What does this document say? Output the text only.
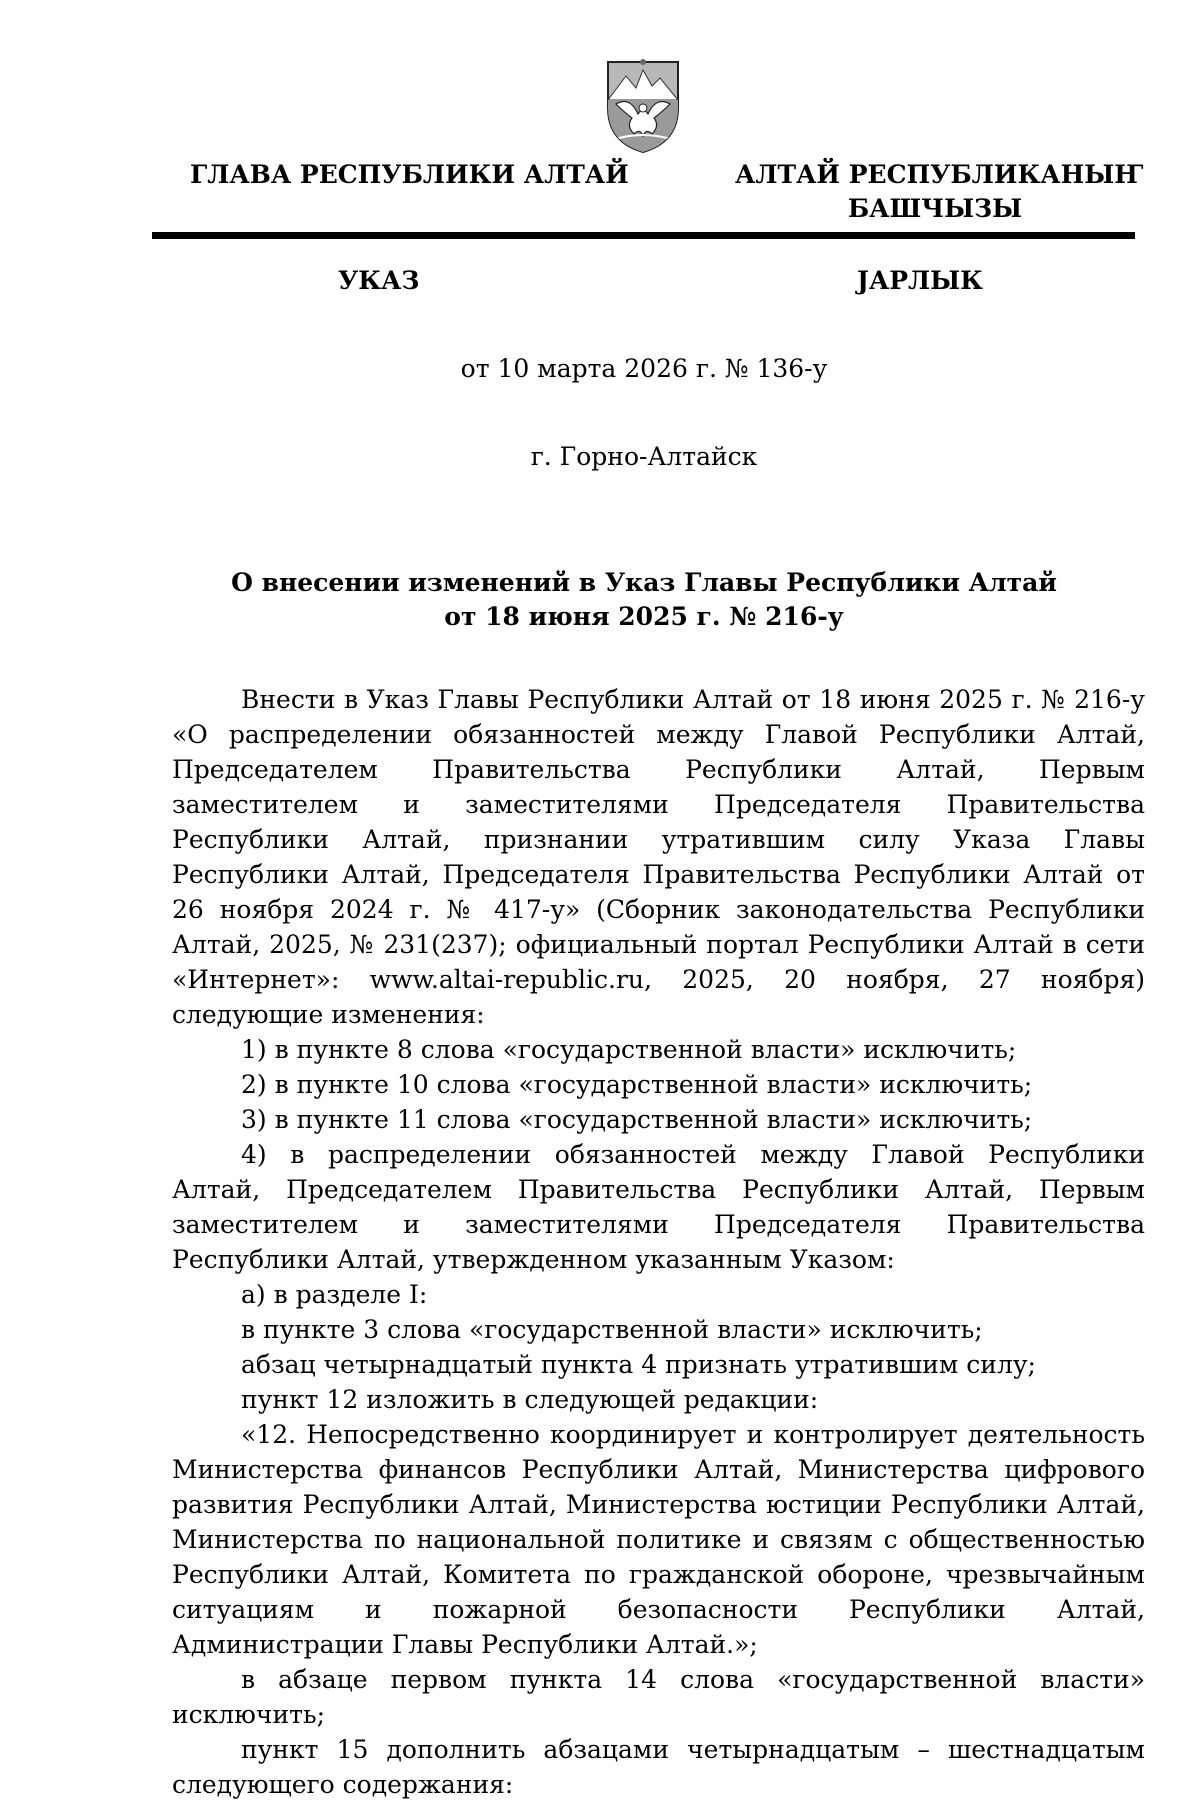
ГЛАВА РЕСПУБЛИКИ АЛТАЙ	АЛТАЙ РЕСПУБЛИКАНЫҤ
БАШЧЫЗЫ
УКАЗ	ЈАРЛЫК
от 10 марта 2026 г. № 136-у
г. Горно-Алтайск
О внесении изменений в Указ Главы Республики Алтай
от 18 июня 2025 г. № 216-у

Внести в Указ Главы Республики Алтай от 18 июня 2025 г. № 216-у «О распределении обязанностей между Главой Республики Алтай, Председателем Правительства Республики Алтай, Первым заместителем и заместителями Председателя Правительства Республики Алтай, признании утратившим силу Указа Главы Республики Алтай, Председателя Правительства Республики Алтай от 26 ноября 2024 г. № 417-у» (Сборник законодательства Республики Алтай, 2025, № 231(237); официальный портал Республики Алтай в сети «Интернет»: www.altai-republic.ru, 2025, 20 ноября, 27 ноября) следующие изменения:

1) в пункте 8 слова «государственной власти» исключить;

2) в пункте 10 слова «государственной власти» исключить;

3) в пункте 11 слова «государственной власти» исключить;

4) в распределении обязанностей между Главой Республики Алтай, Председателем Правительства Республики Алтай, Первым заместителем и заместителями Председателя Правительства Республики Алтай, утвержденном указанным Указом:

а) в разделе I:

в пункте 3 слова «государственной власти» исключить;

абзац четырнадцатый пункта 4 признать утратившим силу;

пункт 12 изложить в следующей редакции:

«12. Непосредственно координирует и контролирует деятельность Министерства финансов Республики Алтай, Министерства цифрового развития Республики Алтай, Министерства юстиции Республики Алтай, Министерства по национальной политике и связям с общественностью Республики Алтай, Комитета по гражданской обороне, чрезвычайным ситуациям и пожарной безопасности Республики Алтай, Администрации Главы Республики Алтай.»;

в абзаце первом пункта 14 слова «государственной власти» исключить;

пункт 15 дополнить абзацами четырнадцатым – шестнадцатым следующего содержания:
